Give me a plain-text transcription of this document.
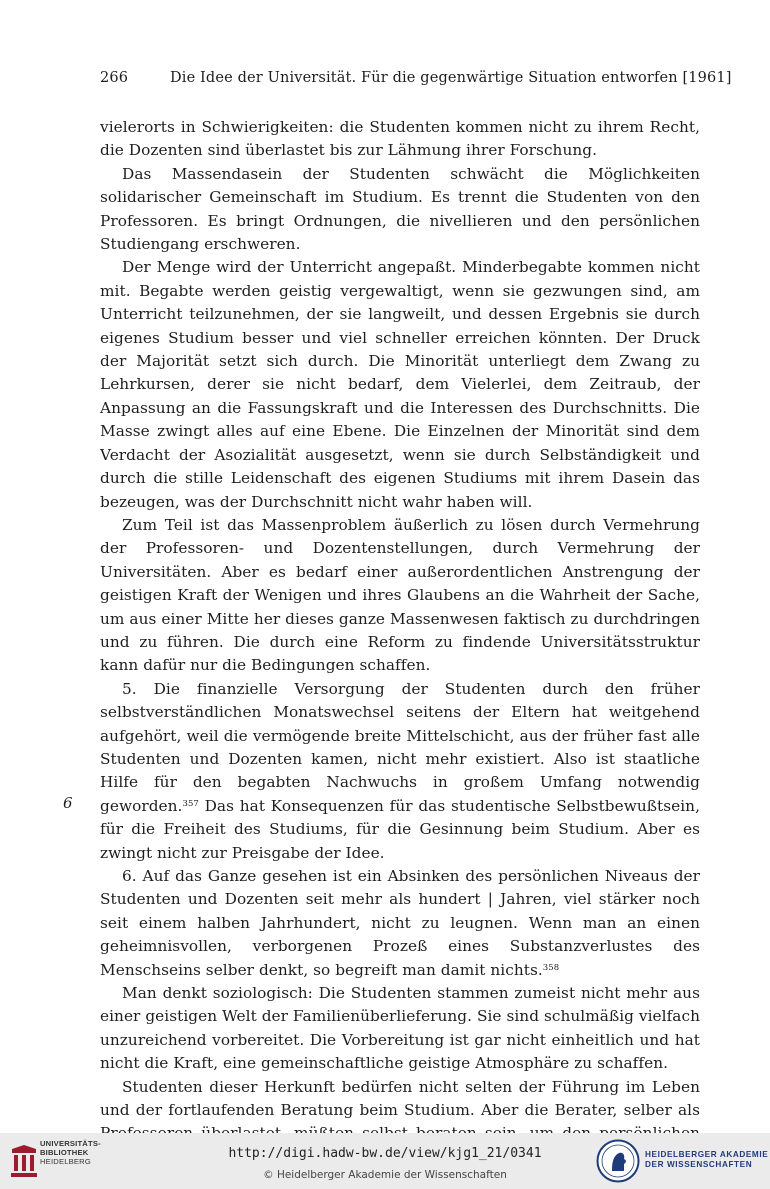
266	Die Idee der Universität. Für die gegenwärtige Situation entworfen [1961]
6

vielerorts in Schwierigkeiten: die Studenten kommen nicht zu ihrem Recht, die Dozenten sind überlastet bis zur Lähmung ihrer Forschung.

Das Massendasein der Studenten schwächt die Möglichkeiten solidarischer Gemeinschaft im Studium. Es trennt die Studenten von den Professoren. Es bringt Ordnungen, die nivellieren und den persönlichen Studiengang erschweren.

Der Menge wird der Unterricht angepaßt. Minderbegabte kommen nicht mit. Begabte werden geistig vergewaltigt, wenn sie gezwungen sind, am Unterricht teilzunehmen, der sie langweilt, und dessen Ergebnis sie durch eigenes Studium besser und viel schneller erreichen könnten. Der Druck der Majorität setzt sich durch. Die Minorität unterliegt dem Zwang zu Lehrkursen, derer sie nicht bedarf, dem Vielerlei, dem Zeitraub, der Anpassung an die Fassungskraft und die Interessen des Durchschnitts. Die Masse zwingt alles auf eine Ebene. Die Einzelnen der Minorität sind dem Verdacht der Asozialität ausgesetzt, wenn sie durch Selbständigkeit und durch die stille Leidenschaft des eigenen Studiums mit ihrem Dasein das bezeugen, was der Durchschnitt nicht wahr haben will.

Zum Teil ist das Massenproblem äußerlich zu lösen durch Vermehrung der Professoren- und Dozentenstellungen, durch Vermehrung der Universitäten. Aber es bedarf einer außerordentlichen Anstrengung der geistigen Kraft der Wenigen und ihres Glaubens an die Wahrheit der Sache, um aus einer Mitte her dieses ganze Massenwesen faktisch zu durchdringen und zu führen. Die durch eine Reform zu findende Universitätsstruktur kann dafür nur die Bedingungen schaffen.

5. Die finanzielle Versorgung der Studenten durch den früher selbstverständlichen Monatswechsel seitens der Eltern hat weitgehend aufgehört, weil die vermögende breite Mittelschicht, aus der früher fast alle Studenten und Dozenten kamen, nicht mehr existiert. Also ist staatliche Hilfe für den begabten Nachwuchs in großem Umfang notwendig geworden.$^{357}$ Das hat Konsequenzen für das studentische Selbstbewußtsein, für die Freiheit des Studiums, für die Gesinnung beim Studium. Aber es zwingt nicht zur Preisgabe der Idee.

6. Auf das Ganze gesehen ist ein Absinken des persönlichen Niveaus der Studenten und Dozenten seit mehr als hundert | Jahren, viel stärker noch seit einem halben Jahrhundert, nicht zu leugnen. Wenn man an einen geheimnisvollen, verborgenen Prozeß eines Substanzverlustes des Menschseins selber denkt, so begreift man damit nichts.$^{358}$

Man denkt soziologisch: Die Studenten stammen zumeist nicht mehr aus einer geistigen Welt der Familienüberlieferung. Sie sind schulmäßig vielfach unzureichend vorbereitet. Die Vorbereitung ist gar nicht einheitlich und hat nicht die Kraft, eine gemeinschaftliche geistige Atmosphäre zu schaffen.

Studenten dieser Herkunft bedürfen nicht selten der Führung im Leben und der fortlaufenden Beratung beim Studium. Aber die Berater, selber als

UNIVERSITÄTS-
BIBLIOTHEK
HEIDELBERG
http://digi.hadw-bw.de/view/kjg1_21/0341
© Heidelberger Akademie der Wissenschaften
HEIDELBERGER AKADEMIE
DER WISSENSCHAFTEN
